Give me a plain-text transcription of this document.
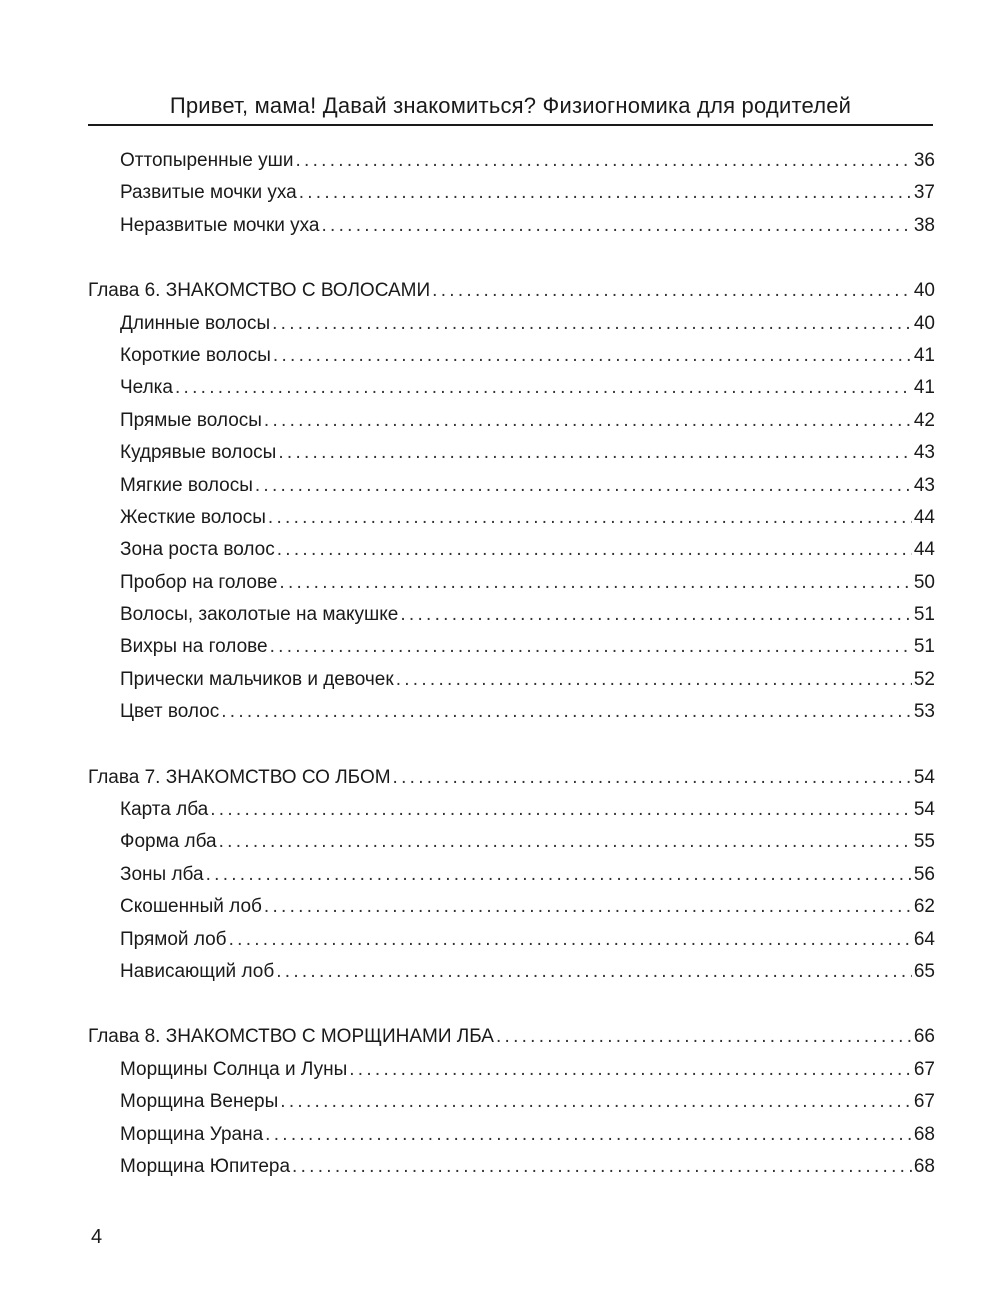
Привет, мама! Давай знакомиться? Физиогномика для родителей
Оттопыренные уши . . .	36
Развитые мочки уха . . .	37
Неразвитые мочки уха . . .	38
Глава 6. ЗНАКОМСТВО С ВОЛОСАМИ . . .	40
Длинные волосы . . .	40
Короткие волосы . . .	41
Челка . . .	41
Прямые волосы . . .	42
Кудрявые волосы . . .	43
Мягкие волосы . . .	43
Жесткие волосы . . .	44
Зона роста волос . . .	44
Пробор на голове . . .	50
Волосы, заколотые на макушке . . .	51
Вихры на голове . . .	51
Прически мальчиков и девочек . . .	52
Цвет волос . . .	53
Глава 7. ЗНАКОМСТВО СО ЛБОМ . . .	54
Карта лба . . .	54
Форма лба . . .	55
Зоны лба . . .	56
Скошенный лоб . . .	62
Прямой лоб . . .	64
Нависающий лоб . . .	65
Глава 8. ЗНАКОМСТВО С МОРЩИНАМИ ЛБА . . .	66
Морщины Солнца и Луны . . .	67
Морщина Венеры . . .	67
Морщина Урана . . .	68
Морщина Юпитера . . .	68
4
